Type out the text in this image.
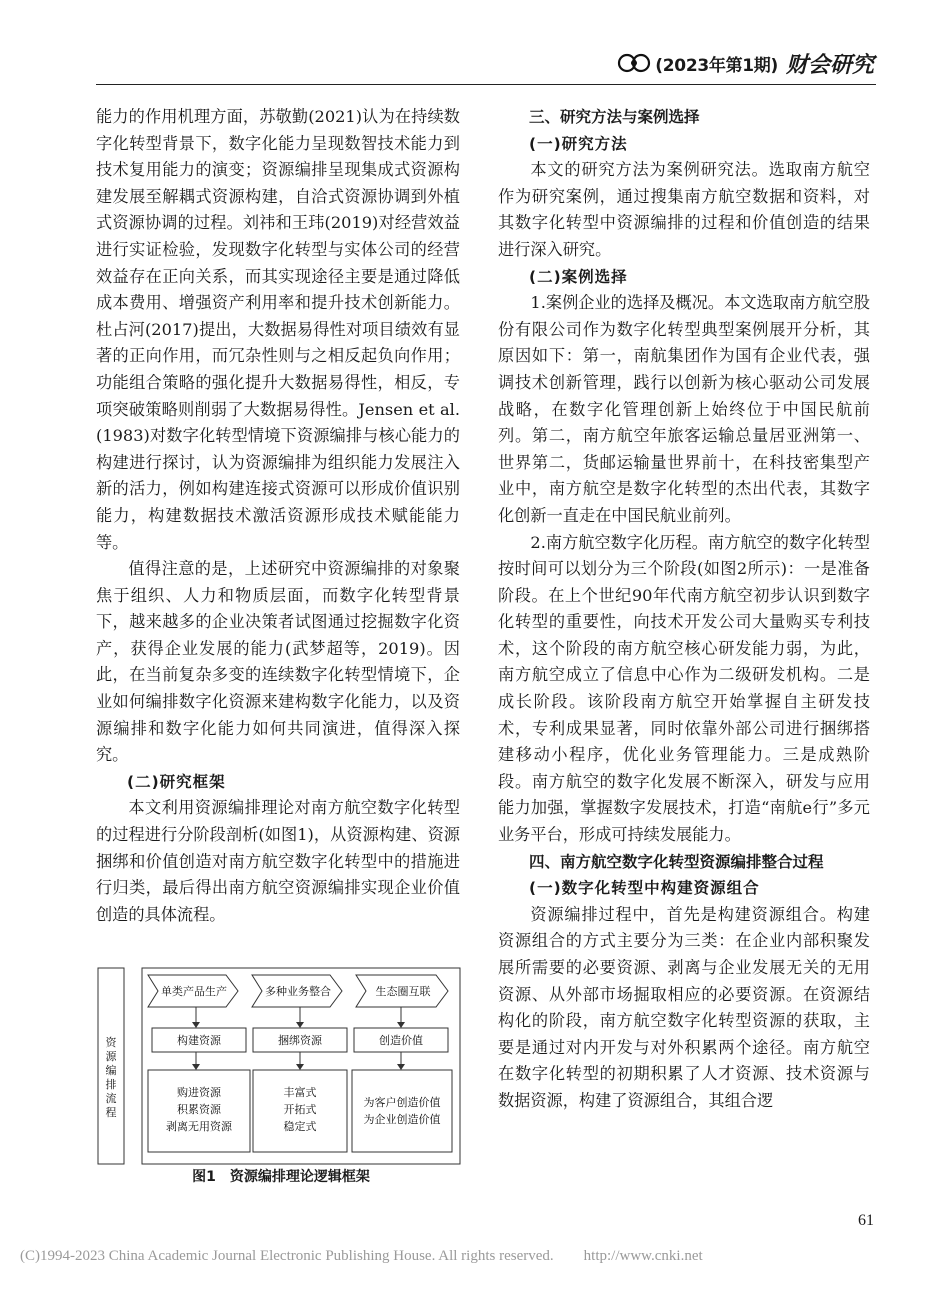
(2023年第1期) 财会研究

能力的作用机理方面，苏敬勤(2021)认为在持续数字化转型背景下，数字化能力呈现数智技术能力到技术复用能力的演变；资源编排呈现集成式资源构建发展至解耦式资源构建，自洽式资源协调到外植式资源协调的过程。刘祎和王玮(2019)对经营效益进行实证检验，发现数字化转型与实体公司的经营效益存在正向关系，而其实现途径主要是通过降低成本费用、增强资产利用率和提升技术创新能力。杜占河(2017)提出，大数据易得性对项目绩效有显著的正向作用，而冗杂性则与之相反起负向作用；功能组合策略的强化提升大数据易得性，相反，专项突破策略则削弱了大数据易得性。Jensen et al.(1983)对数字化转型情境下资源编排与核心能力的构建进行探讨，认为资源编排为组织能力发展注入新的活力，例如构建连接式资源可以形成价值识别能力，构建数据技术激活资源形成技术赋能能力等。

值得注意的是，上述研究中资源编排的对象聚焦于组织、人力和物质层面，而数字化转型背景下，越来越多的企业决策者试图通过挖掘数字化资产，获得企业发展的能力(武梦超等，2019)。因此，在当前复杂多变的连续数字化转型情境下，企业如何编排数字化资源来建构数字化能力，以及资源编排和数字化能力如何共同演进，值得深入探究。

(二)研究框架

本文利用资源编排理论对南方航空数字化转型的过程进行分阶段剖析(如图1)，从资源构建、资源捆绑和价值创造对南方航空数字化转型中的措施进行归类，最后得出南方航空资源编排实现企业价值创造的具体流程。

资
源
编
排
流
程
单类产品生产	多种业务整合	生态圈互联
构建资源	捆绑资源	创造价值
购进资源
积累资源
剥离无用资源
丰富式
开拓式
稳定式
为客户创造价值
为企业创造价值
图1　资源编排理论逻辑框架

三、研究方法与案例选择

(一)研究方法

本文的研究方法为案例研究法。选取南方航空作为研究案例，通过搜集南方航空数据和资料，对其数字化转型中资源编排的过程和价值创造的结果进行深入研究。

(二)案例选择

1.案例企业的选择及概况。本文选取南方航空股份有限公司作为数字化转型典型案例展开分析，其原因如下：第一，南航集团作为国有企业代表，强调技术创新管理，践行以创新为核心驱动公司发展战略，在数字化管理创新上始终位于中国民航前列。第二，南方航空年旅客运输总量居亚洲第一、世界第二，货邮运输量世界前十，在科技密集型产业中，南方航空是数字化转型的杰出代表，其数字化创新一直走在中国民航业前列。

2.南方航空数字化历程。南方航空的数字化转型按时间可以划分为三个阶段(如图2所示)：一是准备阶段。在上个世纪90年代南方航空初步认识到数字化转型的重要性，向技术开发公司大量购买专利技术，这个阶段的南方航空核心研发能力弱，为此，南方航空成立了信息中心作为二级研发机构。二是成长阶段。该阶段南方航空开始掌握自主研发技术，专利成果显著，同时依靠外部公司进行捆绑搭建移动小程序，优化业务管理能力。三是成熟阶段。南方航空的数字化发展不断深入，研发与应用能力加强，掌握数字发展技术，打造“南航e行”多元业务平台，形成可持续发展能力。

四、南方航空数字化转型资源编排整合过程

(一)数字化转型中构建资源组合

资源编排过程中，首先是构建资源组合。构建资源组合的方式主要分为三类：在企业内部积聚发展所需要的必要资源、剥离与企业发展无关的无用资源、从外部市场掘取相应的必要资源。在资源结构化的阶段，南方航空数字化转型资源的获取，主要是通过对内开发与对外积累两个途径。南方航空在数字化转型的初期积累了人才资源、技术资源与数据资源，构建了资源组合，其组合逻

61
(C)1994-2023 China Academic Journal Electronic Publishing House. All rights reserved.　　http://www.cnki.net
